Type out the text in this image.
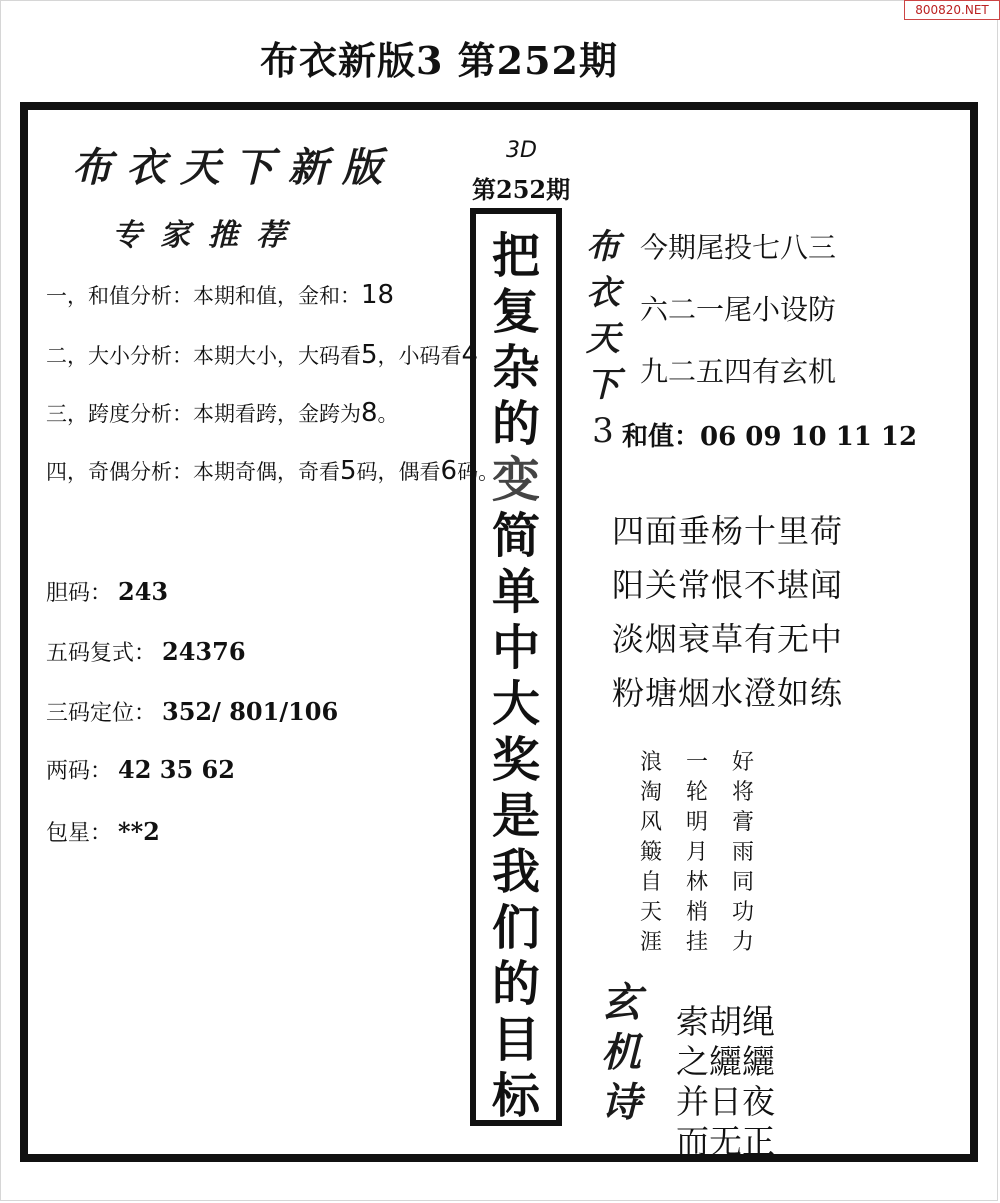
800820.NET
布衣新版3 第252期
布衣天下新版
专家推荐
一，和值分析：本期和值，金和：18
二，大小分析：本期大小，大码看5，小码看4
三，跨度分析：本期看跨，金跨为8。
四，奇偶分析：本期奇偶，奇看5码，偶看6码。
胆码： 243
五码复式： 24376
三码定位： 352/ 801/106
两码： 42 35 62
包星： **2
3D
第252期
把
复
杂
的
变
简
单
中
大
奖
是
我
们
的
目
标
布
衣
天
下
3
今期尾投七八三
六二一尾小设防
九二五四有玄机
和值：06 09 10 11 12
四面垂杨十里荷
阳关常恨不堪闻
淡烟衰草有无中
粉塘烟水澄如练
浪	一	好
淘	轮	将
风	明	膏
簸	月	雨
自	林	同
天	梢	功
涯	挂	力
玄
机
诗
索胡绳
之纚纚
并日夜
而无正
